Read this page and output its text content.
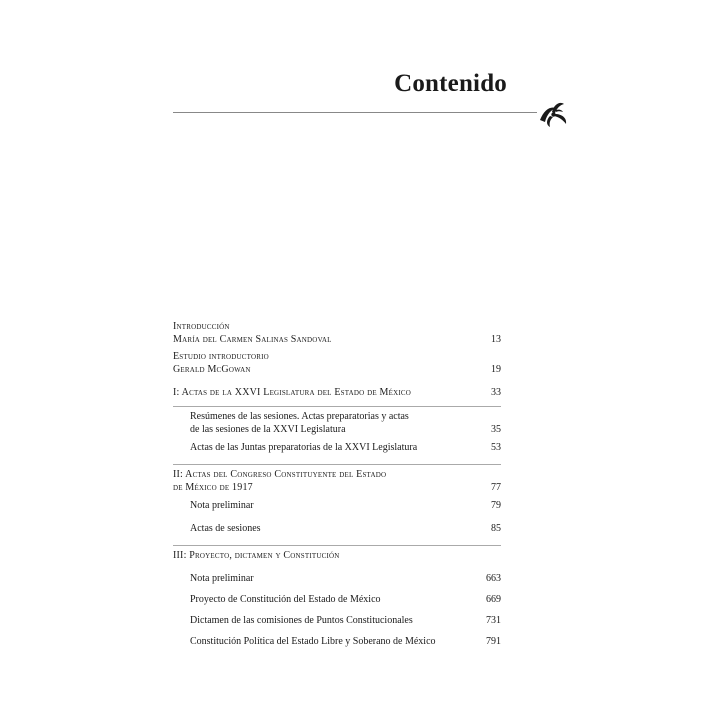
Contenido
Introducción
María del Carmen Salinas Sandoval	13
Estudio introductorio
Gerald McGowan	19
I: Actas de la XXVI Legislatura del Estado de México	33
Resúmenes de las sesiones. Actas preparatorias y actas
de las sesiones de la XXVI Legislatura	35
Actas de las Juntas preparatorias de la XXVI Legislatura	53
II: Actas del Congreso Constituyente del Estado
de México de 1917	77
Nota preliminar	79
Actas de sesiones	85
III: Proyecto, dictamen y Constitución
Nota preliminar	663
Proyecto de Constitución del Estado de México	669
Dictamen de las comisiones de Puntos Constitucionales	731
Constitución Política del Estado Libre y Soberano de México	791
